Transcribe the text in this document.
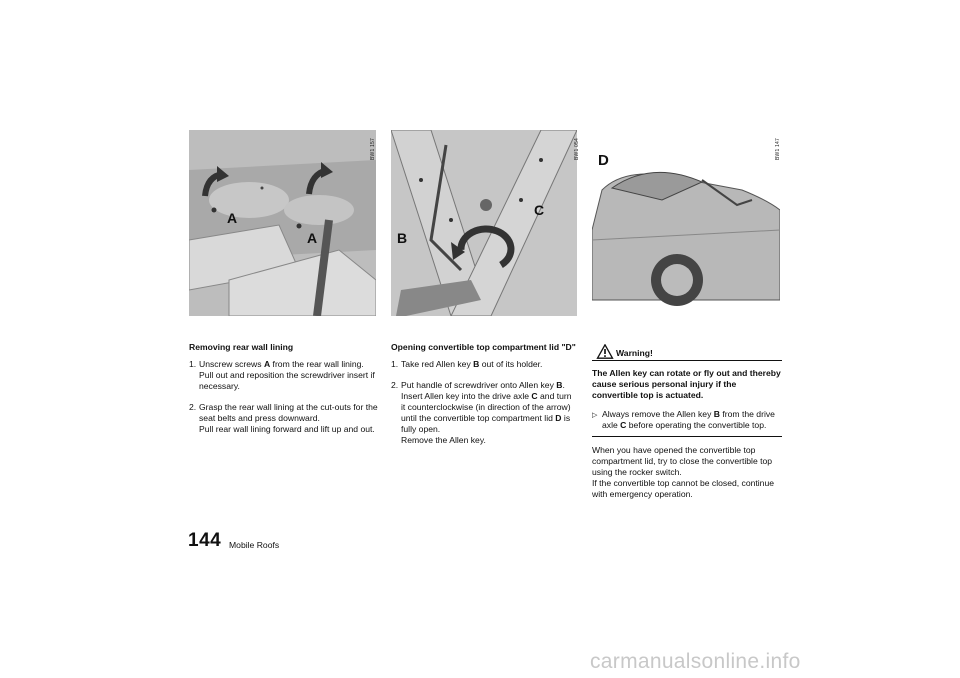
A
A
BW1 157
C
B
BW1 054
D
BW1 147
Removing rear wall lining
1. Unscrew screws A from the rear wall lining.

Pull out and reposition the screwdriver insert if necessary.

2. Grasp the rear wall lining at the cut-outs for the seat belts and press downward.

Pull rear wall lining forward and lift up and out.

Opening convertible top compartment lid "D"
1. Take red Allen key B out of its holder.

2. Put handle of screwdriver onto Allen key B.

Insert Allen key into the drive axle C and turn it counterclockwise (in direction of the arrow) until the convertible top compartment lid D is fully open.

Remove the Allen key.

Warning!
The Allen key can rotate or fly out and thereby cause serious personal injury if the convertible top is actuated.
▷ Always remove the Allen key B from the drive axle C before operating the convertible top.

When you have opened the convertible top compartment lid, try to close the convertible top using the rocker switch.

If the convertible top cannot be closed, continue with emergency operation.

144 Mobile Roofs
carmanualsonline.info
